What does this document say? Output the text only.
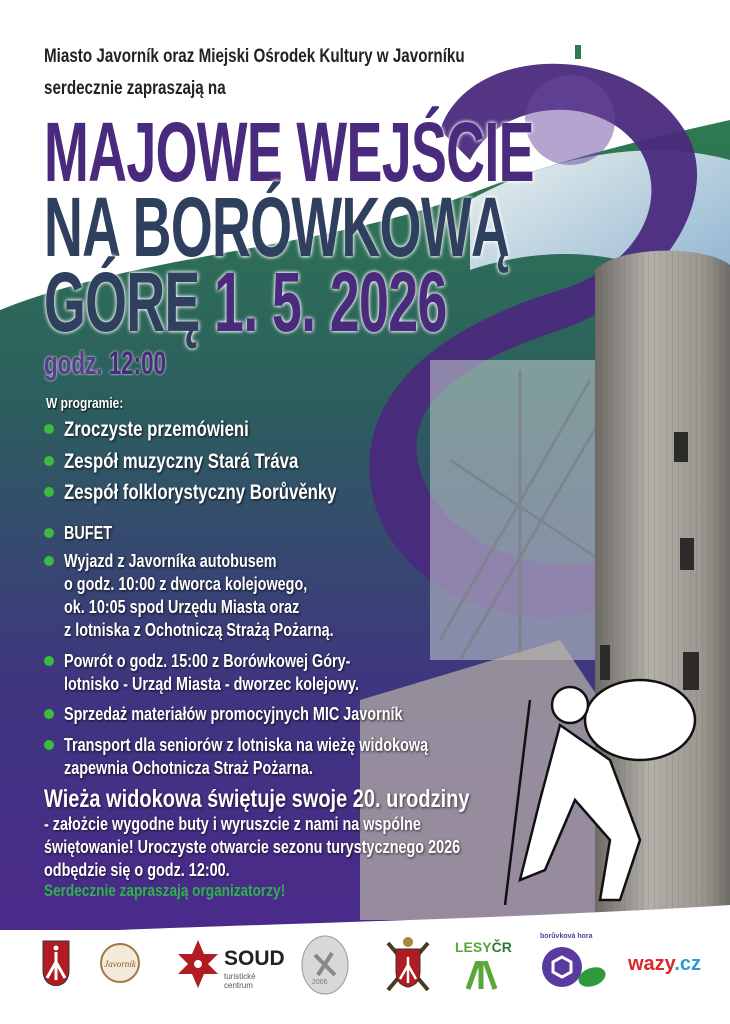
Miasto Javorník oraz Miejski Ośrodek Kultury w Javorníku
serdecznie zapraszają na
MAJOWE WEJŚCIE
NA BORÓWKOWĄ
GÓRĘ 1. 5. 2026
godz. 12:00
W programie:
Zroczyste przemówieni
Zespół muzyczny Stará Tráva
Zespół folklorystyczny Borůvěnky
BUFET
Wyjazd z Javorníka autobusem
o godz. 10:00 z dworca kolejowego,
ok. 10:05 spod Urzędu Miasta oraz
z lotniska z Ochotniczą Strażą Pożarną.
Powrót o godz. 15:00 z Borówkowej Góry-
lotnisko - Urząd Miasta - dworzec kolejowy.
Sprzedaż materiałów promocyjnych MIC Javorník
Transport dla seniorów z lotniska na wieżę widokową
zapewnia Ochotnicza Straż Pożarna.
Wieża widokowa świętuje swoje 20. urodziny
- założcie wygodne buty i wyruszcie z nami na wspólne
świętowanie! Uroczyste otwarcie sezonu turystycznego 2026
odbędzie się o godz. 12:00.
Serdecznie zapraszają organizatorzy!
Javorník	SOUD
turistické centrum	2006
LESYČR
borůvková hora
wazy.cz
